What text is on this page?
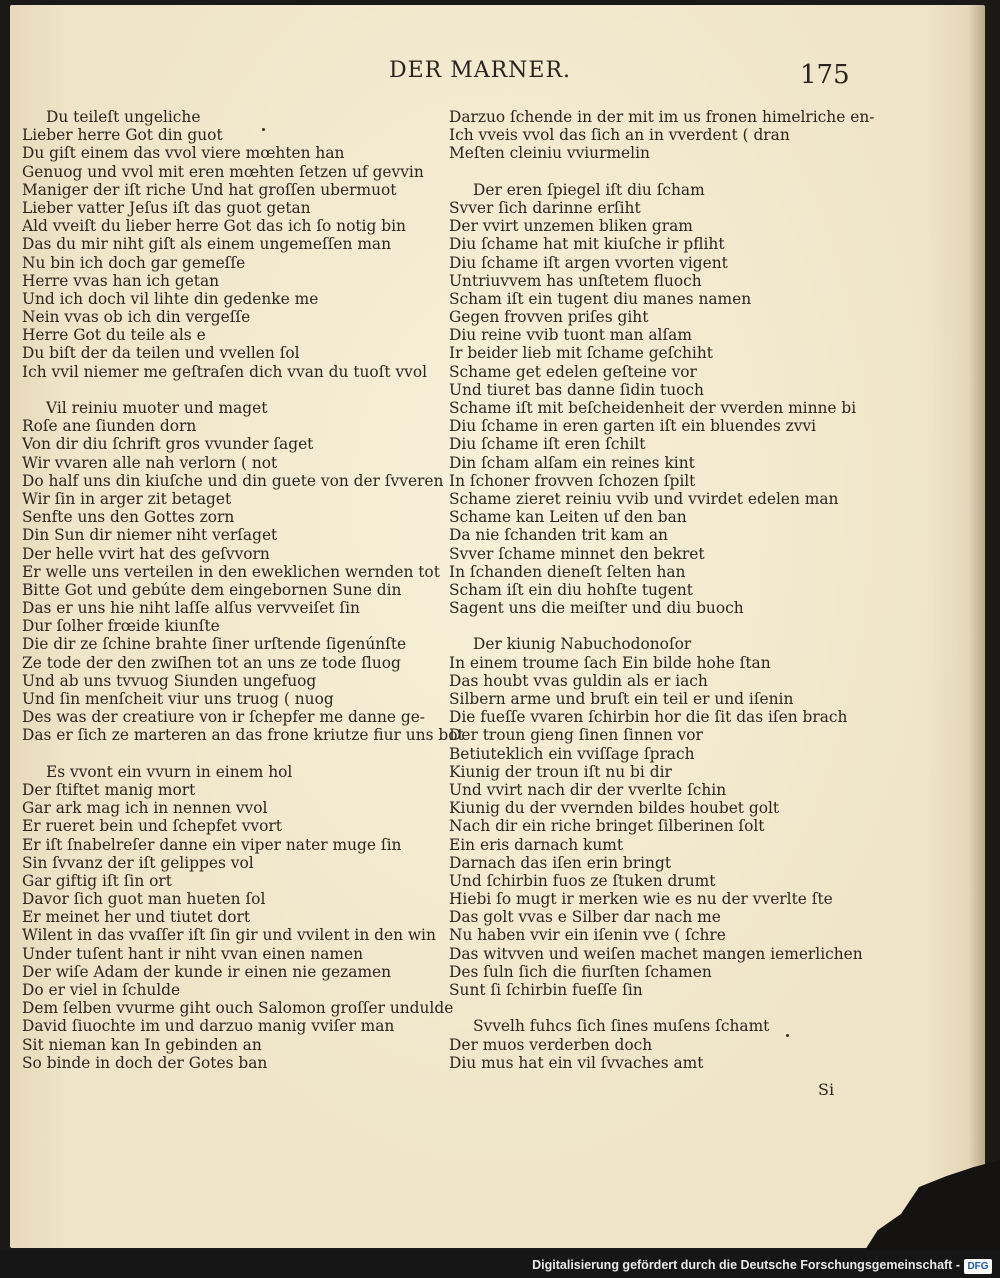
DER MARNER.	175
Du teileſt ungeliche
Lieber herre Got din guot
Du giſt einem das vvol viere mœhten han
Genuog und vvol mit eren mœhten ſetzen uf gevvin
Maniger der iſt riche Und hat groſſen ubermuot
Lieber vatter Jeſus iſt das guot getan
Ald vveiſt du lieber herre Got das ich ſo notig bin
Das du mir niht giſt als einem ungemeſſen man
Nu bin ich doch gar gemeſſe
Herre vvas han ich getan
Und ich doch vil lihte din gedenke me
Nein vvas ob ich din vergeſſe
Herre Got du teile als e
Du biſt der da teilen und vvellen ſol
Ich vvil niemer me geſtraſen dich vvan du tuoſt vvol
Vil reiniu muoter und maget
Roſe ane ſiunden dorn
Von dir diu ſchrift gros vvunder ſaget
Wir vvaren alle nah verlorn ( not
Do half uns din kiuſche und din guete von der ſvveren
Wir ſin in arger zit betaget
Senfte uns den Gottes zorn
Din Sun dir niemer niht verſaget
Der helle vvirt hat des geſvvorn
Er welle uns verteilen in den eweklichen wernden tot
Bitte Got und gebúte dem eingebornen Sune din
Das er uns hie niht laſſe alſus vervveiſet ſin
Dur ſolher frœide kiunſte
Die dir ze ſchine brahte ſiner urſtende ſigenúnſte
Ze tode der den zwiſhen tot an uns ze tode ſluog
Und ab uns tvvuog Siunden ungefuog
Und ſin menſcheit viur uns truog ( nuog
Des was der creatiure von ir ſchepfer me danne ge-
Das er ſich ze marteren an das frone kriutze fiur uns bot
Es vvont ein vvurn in einem hol
Der ſtiftet manig mort
Gar ark mag ich in nennen vvol
Er rueret bein und ſchepfet vvort
Er iſt ſnabelreſer danne ein viper nater muge ſin
Sin ſvvanz der iſt gelippes vol
Gar giftig iſt ſin ort
Davor ſich guot man hueten ſol
Er meinet her und tiutet dort
Wilent in das vvaſſer iſt ſin gir und vvilent in den win
Under tuſent hant ir niht vvan einen namen
Der wiſe Adam der kunde ir einen nie gezamen
Do er viel in ſchulde
Dem ſelben vvurme giht ouch Salomon groſſer undulde
David ſiuochte im und darzuo manig vviſer man
Sit nieman kan In gebinden an
So binde in doch der Gotes ban
Darzuo ſchende in der mit im us fronen himelriche en-
Ich vveis vvol das ſich an in vverdent ( dran
Meſten cleiniu vviurmelin
Der eren ſpiegel iſt diu ſcham
Svver ſich darinne erſiht
Der vvirt unzemen bliken gram
Diu ſchame hat mit kiuſche ir pfliht
Diu ſchame iſt argen vvorten vigent
Untriuvvem has unſtetem fluoch
Scham iſt ein tugent diu manes namen
Gegen frovven priſes giht
Diu reine vvib tuont man alſam
Ir beider lieb mit ſchame geſchiht
Schame get edelen geſteine vor
Und tiuret bas danne ſidin tuoch
Schame iſt mit beſcheidenheit der vverden minne bi
Diu ſchame in eren garten iſt ein bluendes zvvi
Diu ſchame iſt eren ſchilt
Din ſcham alſam ein reines kint
In ſchoner frovven ſchozen ſpilt
Schame zieret reiniu vvib und vvirdet edelen man
Schame kan Leiten uf den ban
Da nie ſchanden trit kam an
Svver ſchame minnet den bekret
In ſchanden dieneſt ſelten han
Scham iſt ein diu hohſte tugent
Sagent uns die meiſter und diu buoch
Der kiunig Nabuchodonoſor
In einem troume ſach Ein bilde hohe ſtan
Das houbt vvas guldin als er iach
Silbern arme und bruſt ein teil er und iſenin
Die fueſſe vvaren ſchirbin hor die ſit das iſen brach
Der troun gieng ſinen ſinnen vor
Betiuteklich ein vviſſage ſprach
Kiunig der troun iſt nu bi dir
Und vvirt nach dir der vverlte ſchin
Kiunig du der vvernden bildes houbet golt
Nach dir ein riche bringet ſilberinen ſolt
Ein eris darnach kumt
Darnach das iſen erin bringt
Und ſchirbin fuos ze ſtuken drumt
Hiebi ſo mugt ir merken wie es nu der vverlte ſte
Das golt vvas e Silber dar nach me
Nu haben vvir ein iſenin vve ( ſchre
Das witvven und weiſen machet mangen iemerlichen
Des ſuln ſich die fiurſten ſchamen
Sunt ſi ſchirbin fueſſe ſin
Svvelh fuhcs ſich ſines muſens ſchamt
Der muos verderben doch
Diu mus hat ein vil ſvvaches amt
Si
Digitalisierung gefördert durch die Deutsche Forschungsgemeinschaft - DFG
